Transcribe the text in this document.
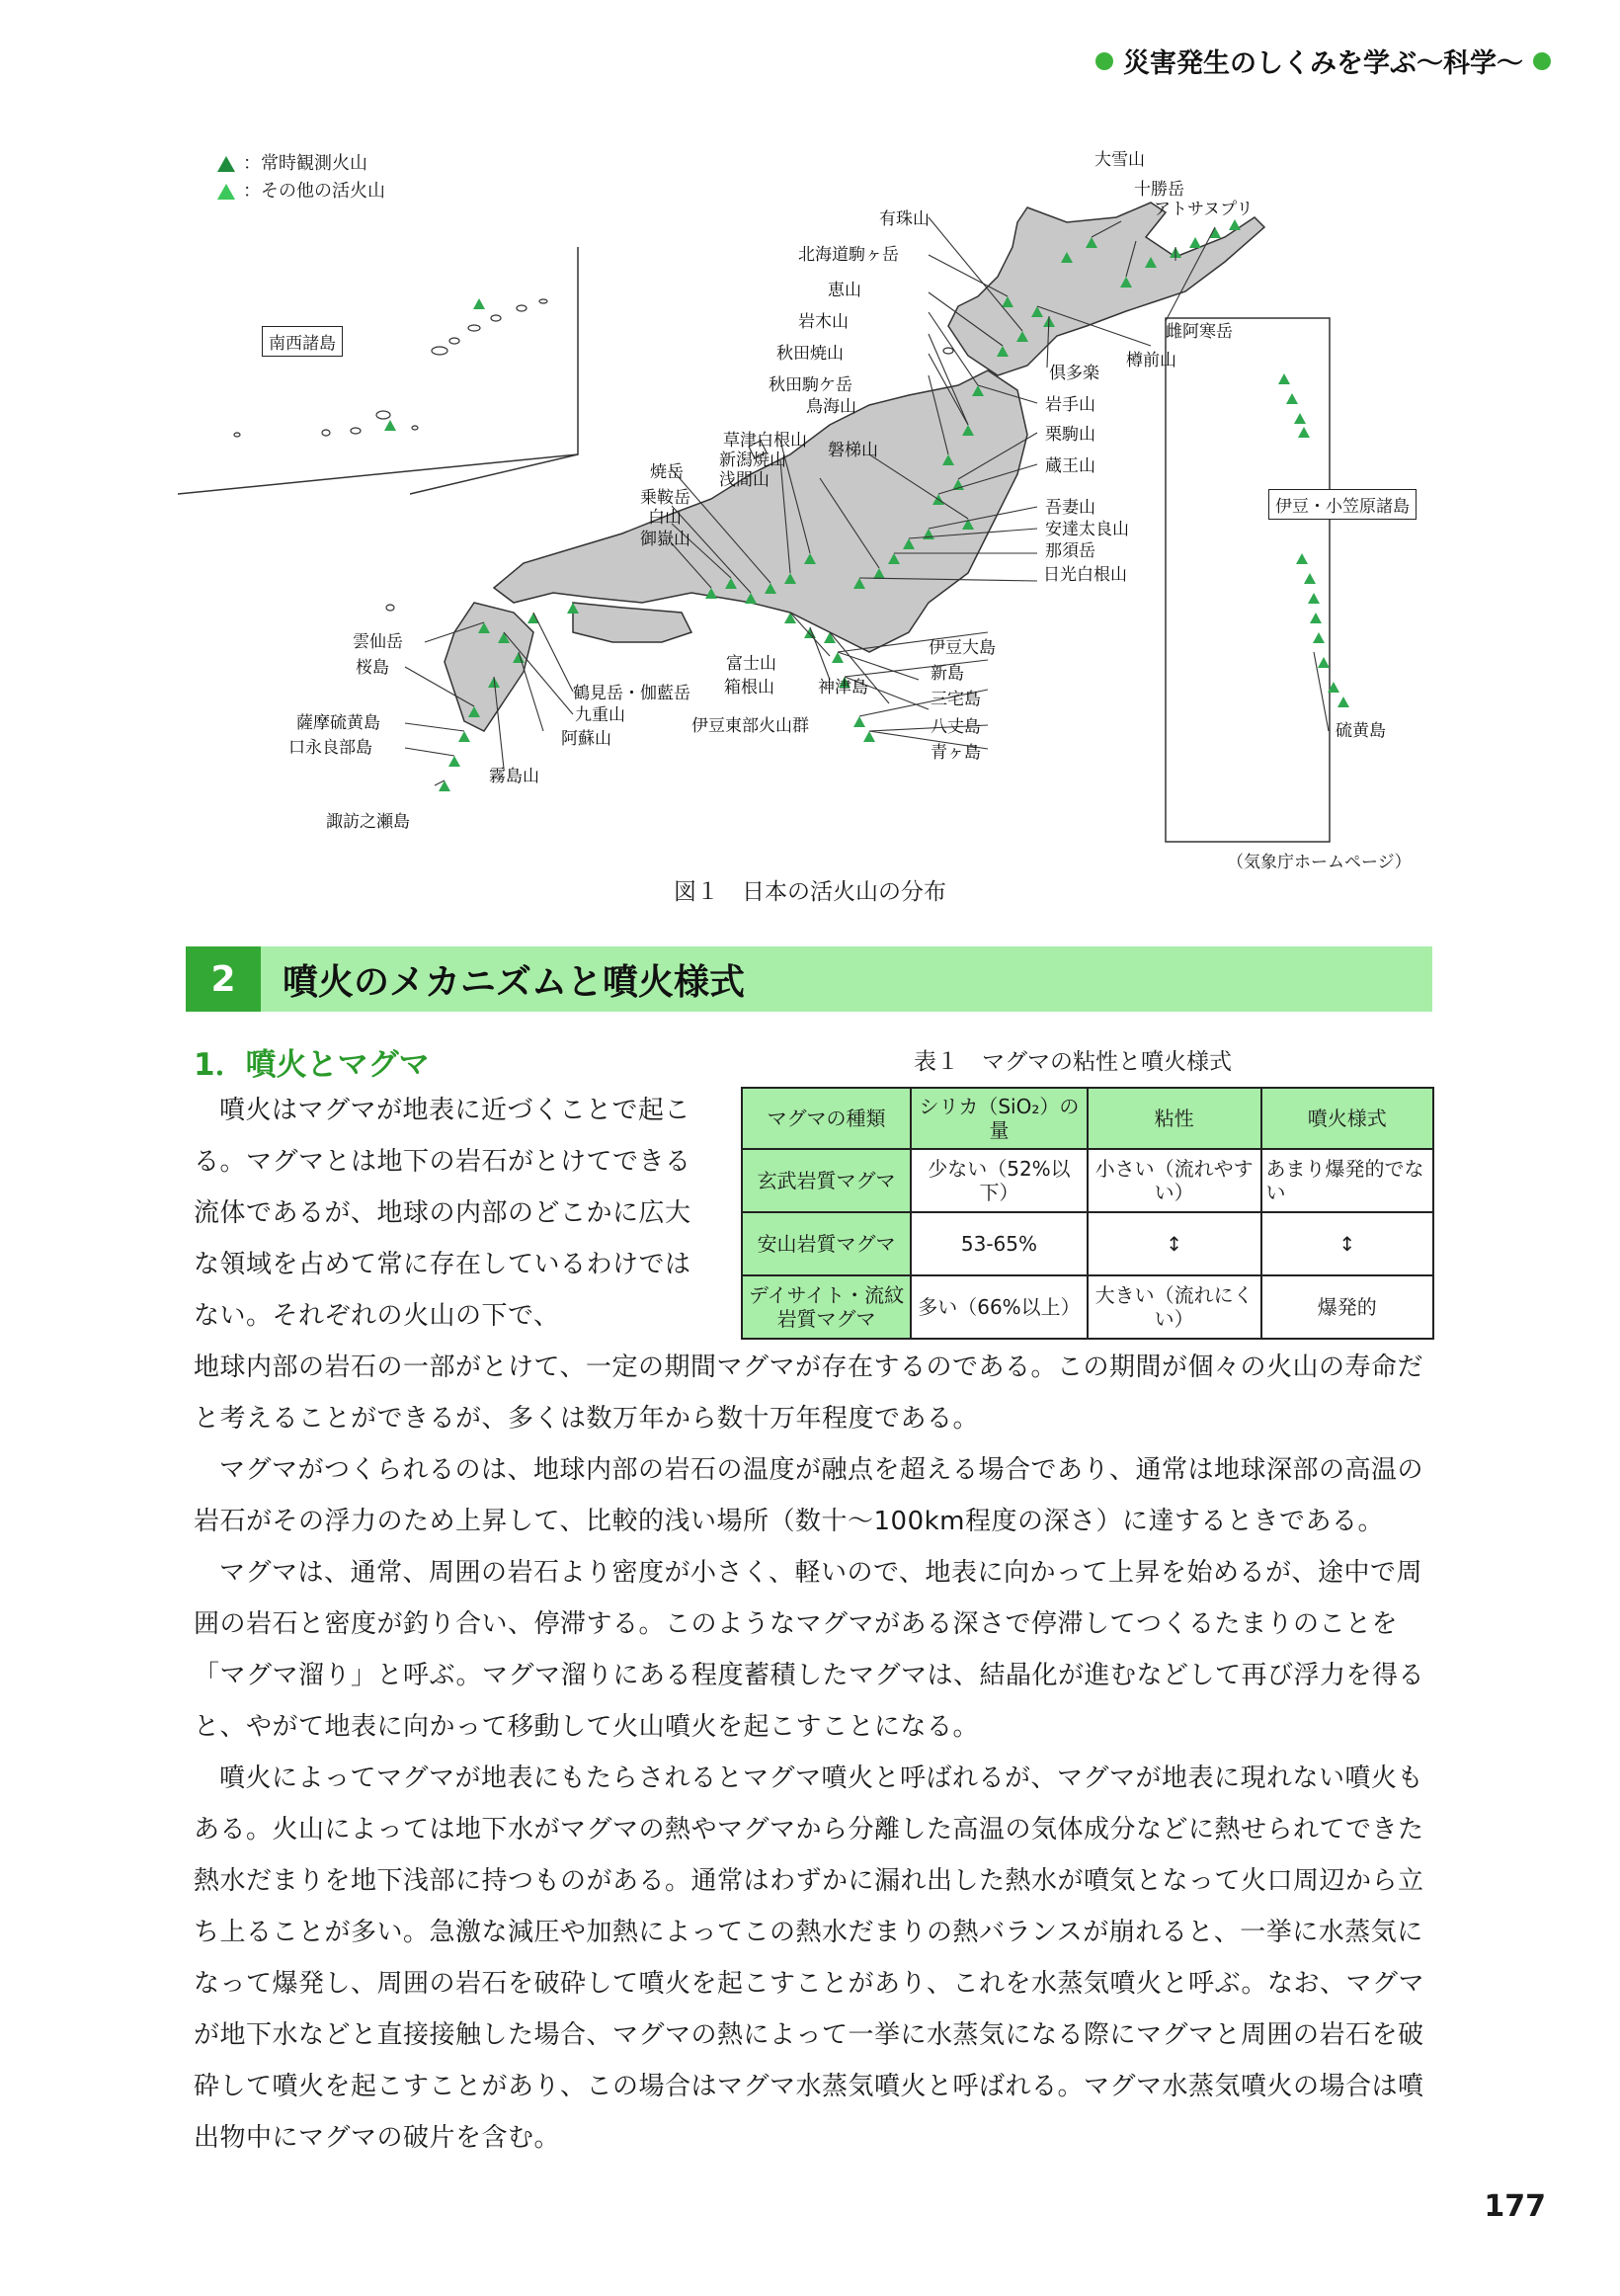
災害発生のしくみを学ぶ〜科学〜
：常時観測火山
：その他の活火山
南西諸島
伊豆・小笠原諸島
大雪山
十勝岳
アトサヌプリ
有珠山
北海道駒ヶ岳
恵山
岩木山
秋田焼山
秋田駒ケ岳
鳥海山
雌阿寒岳
樽前山
倶多楽
岩手山
栗駒山
蔵王山
草津白根山
新潟焼山
浅間山
磐梯山
焼岳
乗鞍岳
白山
御嶽山
吾妻山
安達太良山
那須岳
日光白根山
雲仙岳
桜島
薩摩硫黄島
口永良部島
諏訪之瀬島
霧島山
阿蘇山
九重山
鶴見岳・伽藍岳
富士山
箱根山
伊豆東部火山群
神津島
伊豆大島
新島
三宅島
八丈島
青ヶ島
硫黄島
（気象庁ホームページ）
図１　日本の活火山の分布
2	噴火のメカニズムと噴火様式
1．噴火とマグマ	表１　マグマの粘性と噴火様式
マグマの種類	シリカ（SiO₂）の量	粘性	噴火様式
玄武岩質マグマ	少ない（52%以下）	小さい（流れやすい）	あまり爆発的でない
安山岩質マグマ	53-65%	↕	↕
デイサイト・流紋岩質マグマ	多い（66%以上）	大きい（流れにくい）	爆発的
噴火はマグマが地表に近づくことで起こる。マグマとは地下の岩石がとけてできる流体であるが、地球の内部のどこかに広大な領域を占めて常に存在しているわけではない。それぞれの火山の下で、
地球内部の岩石の一部がとけて、一定の期間マグマが存在するのである。この期間が個々の火山の寿命だと考えることができるが、多くは数万年から数十万年程度である。
マグマがつくられるのは、地球内部の岩石の温度が融点を超える場合であり、通常は地球深部の高温の岩石がその浮力のため上昇して、比較的浅い場所（数十〜100km程度の深さ）に達するときである。
マグマは、通常、周囲の岩石より密度が小さく、軽いので、地表に向かって上昇を始めるが、途中で周囲の岩石と密度が釣り合い、停滞する。このようなマグマがある深さで停滞してつくるたまりのことを「マグマ溜り」と呼ぶ。マグマ溜りにある程度蓄積したマグマは、結晶化が進むなどして再び浮力を得ると、やがて地表に向かって移動して火山噴火を起こすことになる。
噴火によってマグマが地表にもたらされるとマグマ噴火と呼ばれるが、マグマが地表に現れない噴火もある。火山によっては地下水がマグマの熱やマグマから分離した高温の気体成分などに熱せられてできた熱水だまりを地下浅部に持つものがある。通常はわずかに漏れ出した熱水が噴気となって火口周辺から立ち上ることが多い。急激な減圧や加熱によってこの熱水だまりの熱バランスが崩れると、一挙に水蒸気になって爆発し、周囲の岩石を破砕して噴火を起こすことがあり、これを水蒸気噴火と呼ぶ。なお、マグマが地下水などと直接接触した場合、マグマの熱によって一挙に水蒸気になる際にマグマと周囲の岩石を破砕して噴火を起こすことがあり、この場合はマグマ水蒸気噴火と呼ばれる。マグマ水蒸気噴火の場合は噴出物中にマグマの破片を含む。
177
